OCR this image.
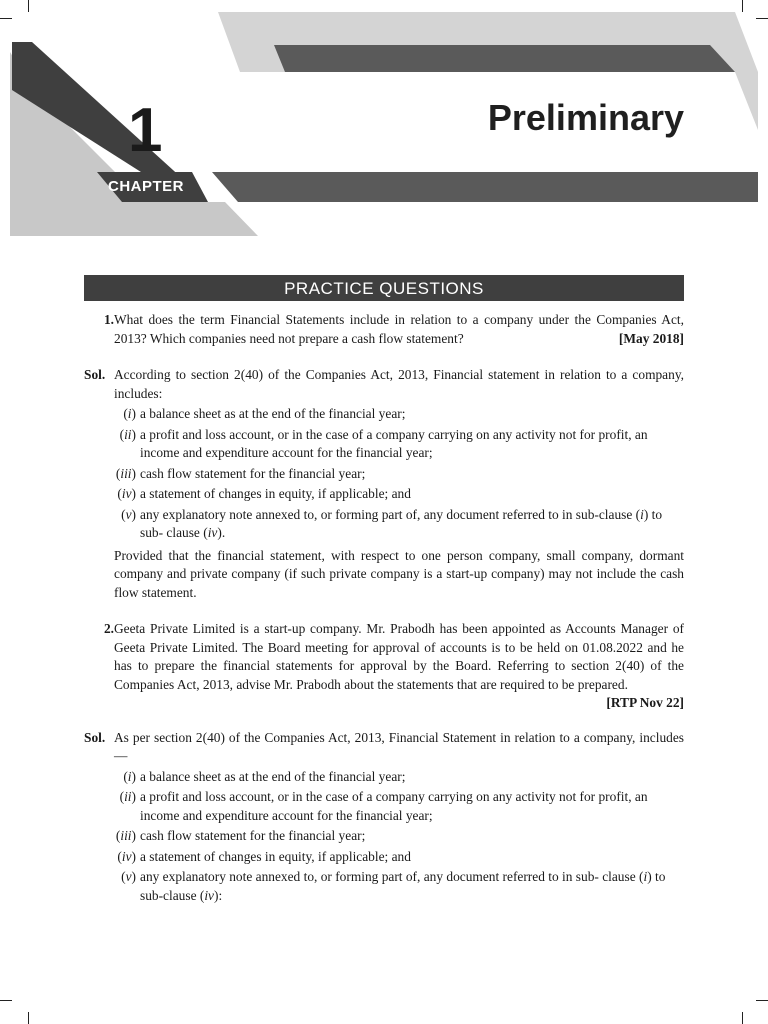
1
CHAPTER
Preliminary
PRACTICE QUESTIONS
1. What does the term Financial Statements include in relation to a company under the Companies Act, 2013? Which companies need not prepare a cash flow statement?	[May 2018]
Sol. According to section 2(40) of the Companies Act, 2013, Financial statement in relation to a company, includes:
(i) a balance sheet as at the end of the financial year;
(ii) a profit and loss account, or in the case of a company carrying on any activity not for profit, an income and expenditure account for the financial year;
(iii) cash flow statement for the financial year;
(iv) a statement of changes in equity, if applicable; and
(v) any explanatory note annexed to, or forming part of, any document referred to in sub-clause (i) to sub- clause (iv).
Provided that the financial statement, with respect to one person company, small company, dormant company and private company (if such private company is a start-up company) may not include the cash flow statement.
2. Geeta Private Limited is a start-up company. Mr. Prabodh has been appointed as Accounts Manager of Geeta Private Limited. The Board meeting for approval of accounts is to be held on 01.08.2022 and he has to prepare the financial statements for approval by the Board. Referring to section 2(40) of the Companies Act, 2013, advise Mr. Prabodh about the statements that are required to be prepared.
[RTP Nov 22]
Sol. As per section 2(40) of the Companies Act, 2013, Financial Statement in relation to a company, includes—
(i) a balance sheet as at the end of the financial year;
(ii) a profit and loss account, or in the case of a company carrying on any activity not for profit, an income and expenditure account for the financial year;
(iii) cash flow statement for the financial year;
(iv) a statement of changes in equity, if applicable; and
(v) any explanatory note annexed to, or forming part of, any document referred to in sub- clause (i) to sub-clause (iv):
